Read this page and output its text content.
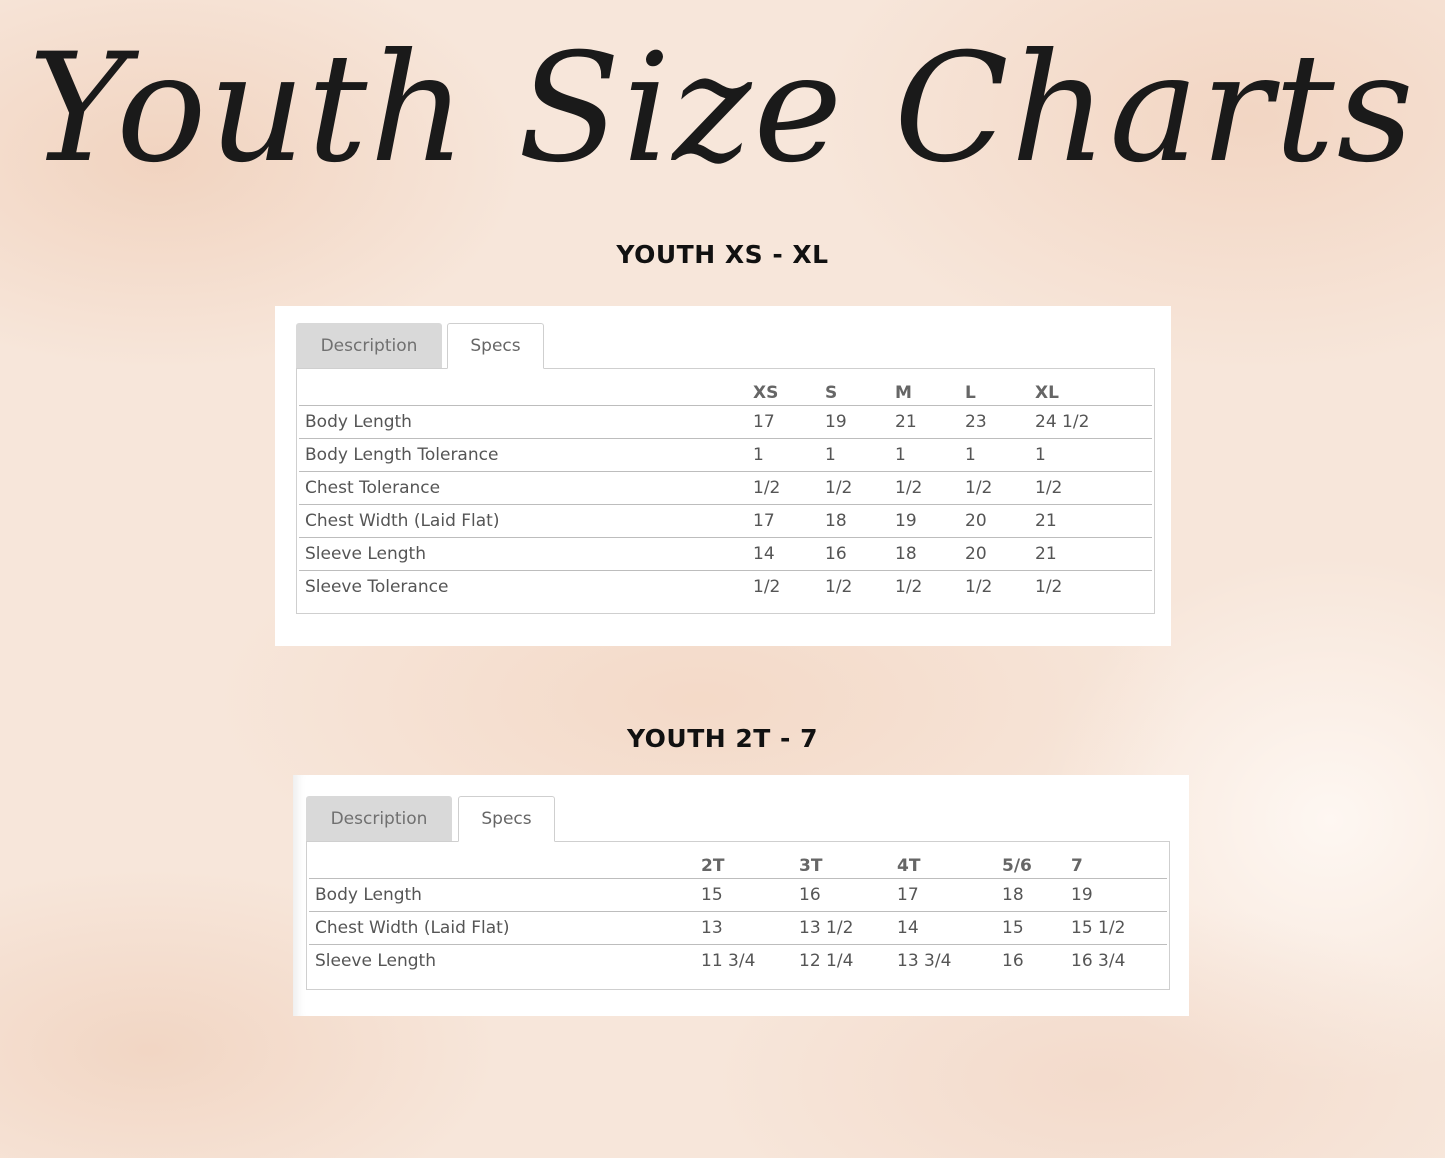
Youth Size Charts
YOUTH XS - XL
Description	Specs
	XS	S	M	L	XL
Body Length	17	19	21	23	24 1/2
Body Length Tolerance	1	1	1	1	1
Chest Tolerance	1/2	1/2	1/2	1/2	1/2
Chest Width (Laid Flat)	17	18	19	20	21
Sleeve Length	14	16	18	20	21
Sleeve Tolerance	1/2	1/2	1/2	1/2	1/2
YOUTH 2T - 7
Description	Specs
	2T	3T	4T	5/6	7
Body Length	15	16	17	18	19
Chest Width (Laid Flat)	13	13 1/2	14	15	15 1/2
Sleeve Length	11 3/4	12 1/4	13 3/4	16	16 3/4
